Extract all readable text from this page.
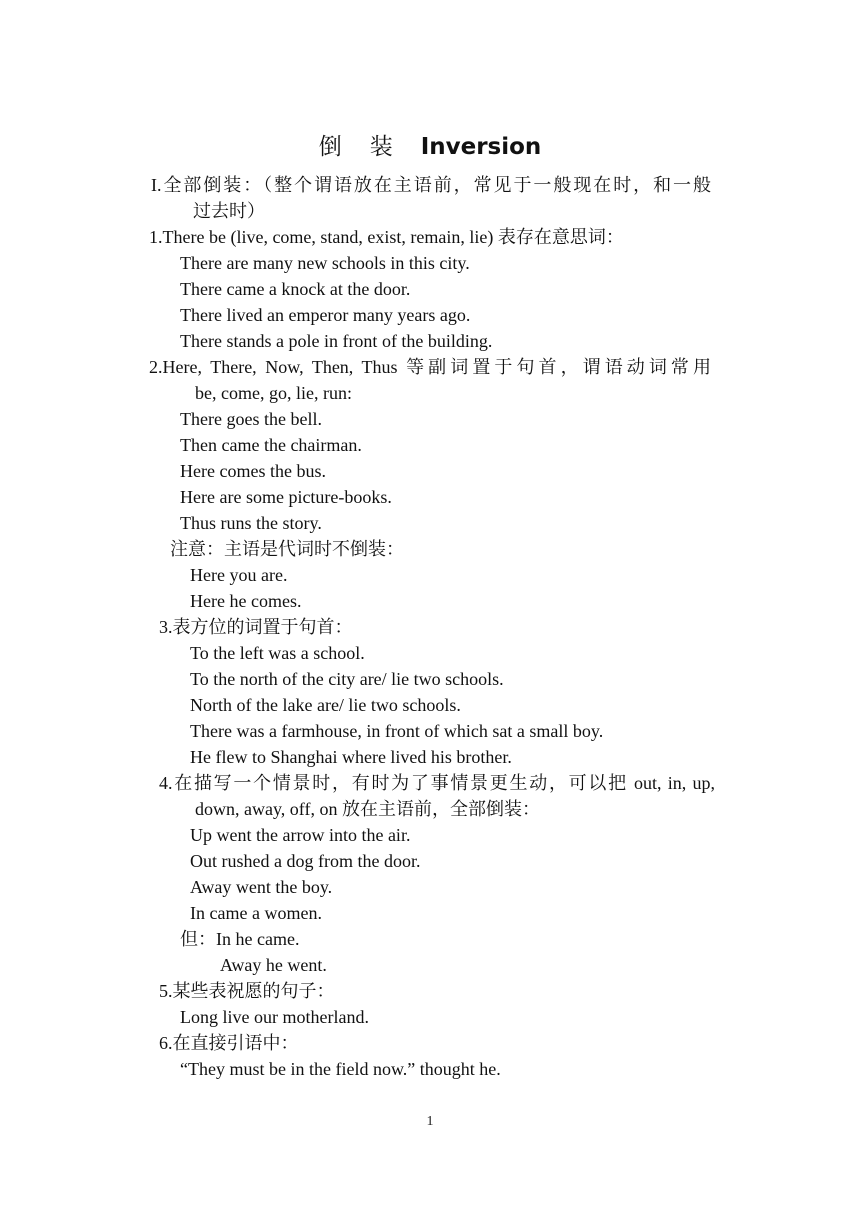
倒 装 Inversion
I.全部倒装：（整个谓语放在主语前，常见于一般现在时，和一般
过去时）
1.There be (live, come, stand, exist, remain, lie) 表存在意思词：
There are many new schools in this city.
There came a knock at the door.
There lived an emperor many years ago.
There stands a pole in front of the building.
2.Here, There, Now, Then, Thus 等副词置于句首，谓语动词常用
be, come, go, lie, run:
There goes the bell.
Then came the chairman.
Here comes the bus.
Here are some picture-books.
Thus runs the story.
注意：主语是代词时不倒装：
Here you are.
Here he comes.
3.表方位的词置于句首：
To the left was a school.
To the north of the city are/ lie two schools.
North of the lake are/ lie two schools.
There was a farmhouse, in front of which sat a small boy.
He flew to Shanghai where lived his brother.
4.在描写一个情景时，有时为了事情景更生动，可以把 out, in, up,
down, away, off, on 放在主语前，全部倒装：
Up went the arrow into the air.
Out rushed a dog from the door.
Away went the boy.
In came a women.
但：In he came.
Away he went.
5.某些表祝愿的句子：
Long live our motherland.
6.在直接引语中：
“They must be in the field now.” thought he.
1
